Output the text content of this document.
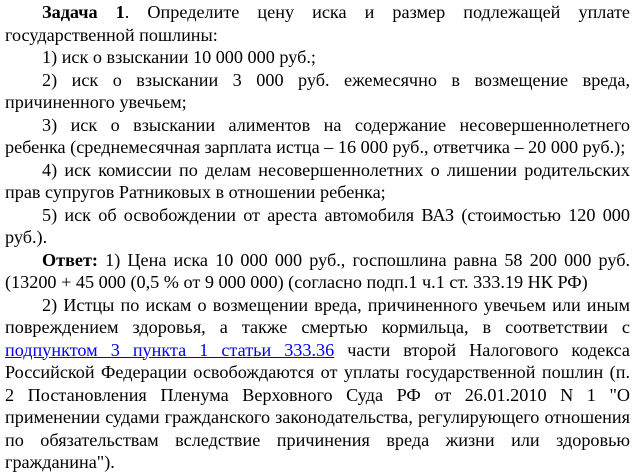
Задача 1. Определите цену иска и размер подлежащей уплате государственной пошлины:

1) иск о взыскании 10 000 000 руб.;

2) иск о взыскании 3 000 руб. ежемесячно в возмещение вреда, причиненного увечьем;

3) иск о взыскании алиментов на содержание несовершеннолетнего ребенка (среднемесячная зарплата истца – 16 000 руб., ответчика – 20 000 руб.);

4) иск комиссии по делам несовершеннолетних о лишении родительских прав супругов Ратниковых в отношении ребенка;

5) иск об освобождении от ареста автомобиля ВАЗ (стоимостью 120 000 руб.).

Ответ: 1) Цена иска 10 000 000 руб., госпошлина равна 58 200 000 руб. (13200 + 45 000 (0,5 % от 9 000 000) (согласно подп.1 ч.1 ст. 333.19 НК РФ)

2) Истцы по искам о возмещении вреда, причиненного увечьем или иным повреждением здоровья, а также смертью кормильца, в соответствии с подпунктом 3 пункта 1 статьи 333.36 части второй Налогового кодекса Российской Федерации освобождаются от уплаты государственной пошлин (п. 2 Постановления Пленума Верховного Суда РФ от 26.01.2010 N 1 "О применении судами гражданского законодательства, регулирующего отношения по обязательствам вследствие причинения вреда жизни или здоровью гражданина").
